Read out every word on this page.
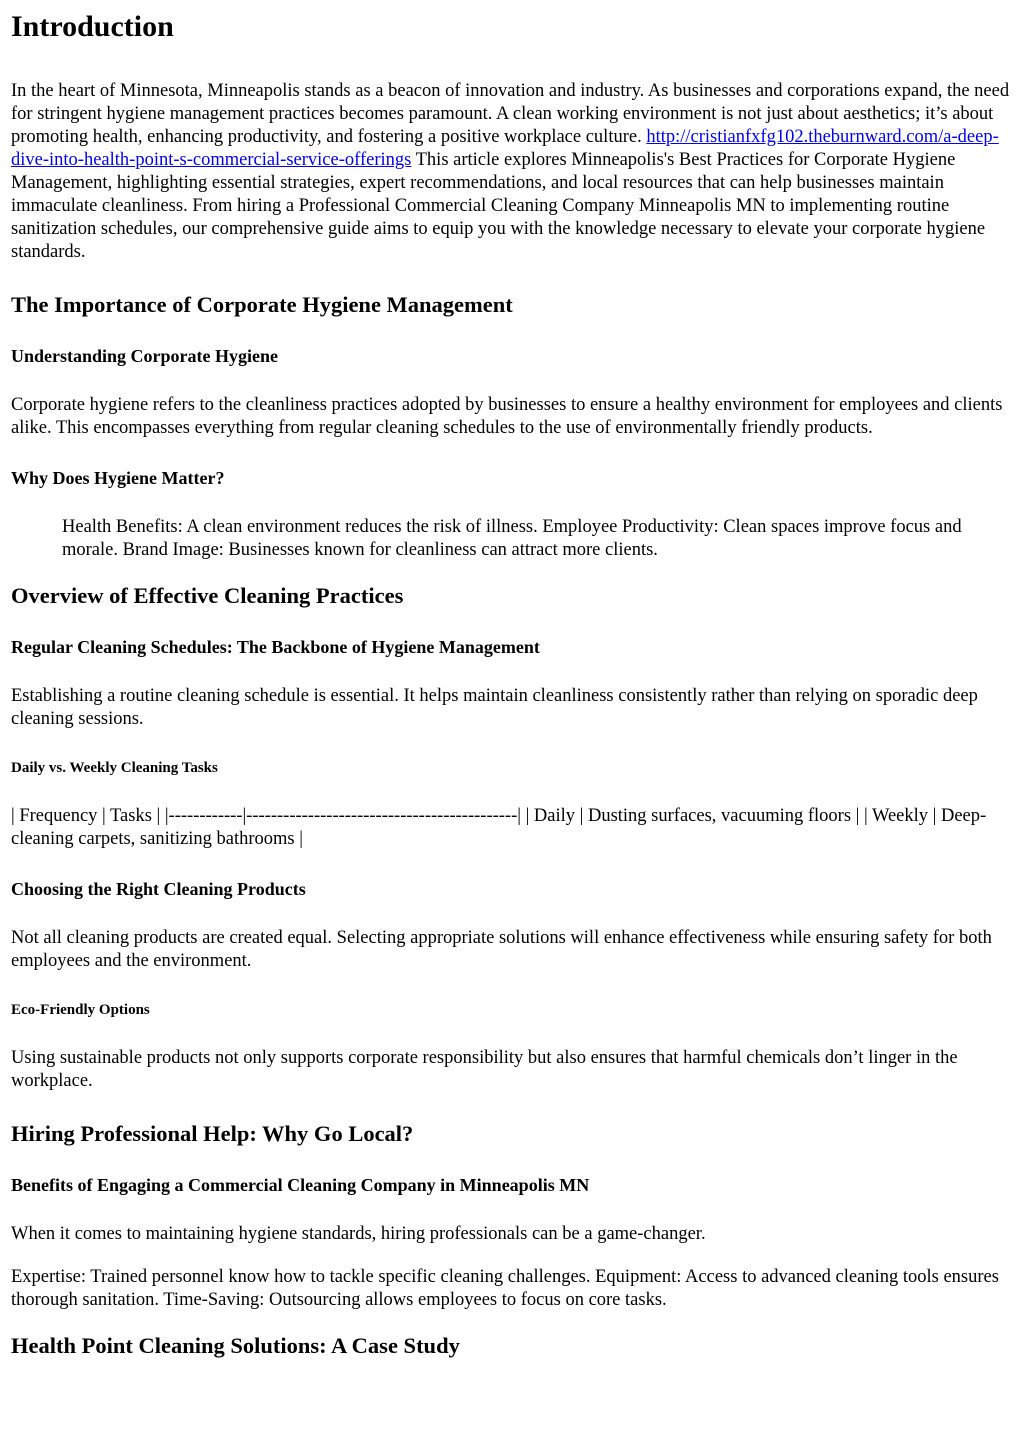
Introduction

In the heart of Minnesota, Minneapolis stands as a beacon of innovation and industry. As businesses and corporations expand, the need for stringent hygiene management practices becomes paramount. A clean working environment is not just about aesthetics; it’s about promoting health, enhancing productivity, and fostering a positive workplace culture. http://cristianfxfg102.theburnward.com/a-deep-dive-into-health-point-s-commercial-service-offerings This article explores Minneapolis's Best Practices for Corporate Hygiene Management, highlighting essential strategies, expert recommendations, and local resources that can help businesses maintain immaculate cleanliness. From hiring a Professional Commercial Cleaning Company Minneapolis MN to implementing routine sanitization schedules, our comprehensive guide aims to equip you with the knowledge necessary to elevate your corporate hygiene standards.

The Importance of Corporate Hygiene Management
Understanding Corporate Hygiene

Corporate hygiene refers to the cleanliness practices adopted by businesses to ensure a healthy environment for employees and clients alike. This encompasses everything from regular cleaning schedules to the use of environmentally friendly products.

Why Does Hygiene Matter?

Health Benefits: A clean environment reduces the risk of illness. Employee Productivity: Clean spaces improve focus and morale. Brand Image: Businesses known for cleanliness can attract more clients.

Overview of Effective Cleaning Practices
Regular Cleaning Schedules: The Backbone of Hygiene Management

Establishing a routine cleaning schedule is essential. It helps maintain cleanliness consistently rather than relying on sporadic deep cleaning sessions.

Daily vs. Weekly Cleaning Tasks

| Frequency | Tasks | |------------|--------------------------------------------| | Daily | Dusting surfaces, vacuuming floors | | Weekly | Deep-cleaning carpets, sanitizing bathrooms |

Choosing the Right Cleaning Products

Not all cleaning products are created equal. Selecting appropriate solutions will enhance effectiveness while ensuring safety for both employees and the environment.

Eco-Friendly Options

Using sustainable products not only supports corporate responsibility but also ensures that harmful chemicals don’t linger in the workplace.

Hiring Professional Help: Why Go Local?
Benefits of Engaging a Commercial Cleaning Company in Minneapolis MN

When it comes to maintaining hygiene standards, hiring professionals can be a game-changer.

Expertise: Trained personnel know how to tackle specific cleaning challenges. Equipment: Access to advanced cleaning tools ensures thorough sanitation. Time-Saving: Outsourcing allows employees to focus on core tasks.

Health Point Cleaning Solutions: A Case Study
